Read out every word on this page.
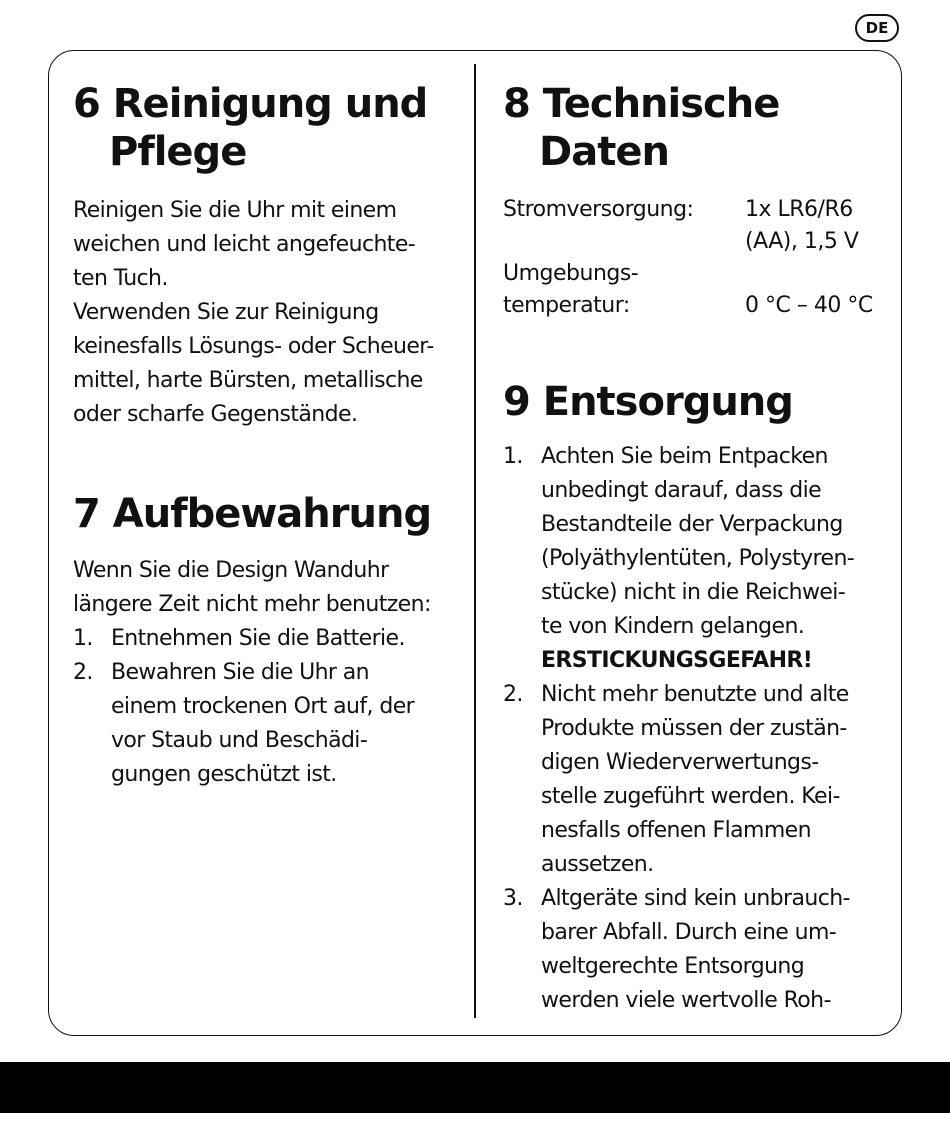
DE
6 Reinigung und
Pflege

Reinigen Sie die Uhr mit einem

weichen und leicht angefeuchte-

ten Tuch.

Verwenden Sie zur Reinigung

keinesfalls Lösungs- oder Scheuer-

mittel, harte Bürsten, metallische

oder scharfe Gegenstände.

7 Aufbewahrung

Wenn Sie die Design Wanduhr

längere Zeit nicht mehr benutzen:

1. Entnehmen Sie die Batterie.
2. Bewahren Sie die Uhr an
einem trockenen Ort auf, der
vor Staub und Beschädi-
gungen geschützt ist.
8 Technische
Daten
Stromversorgung:	1x LR6/R6
(AA), 1,5 V
Umgebungs-
temperatur:	0 °C – 40 °C
9 Entsorgung
1. Achten Sie beim Entpacken
unbedingt darauf, dass die
Bestandteile der Verpackung
(Polyäthylentüten, Polystyren-
stücke) nicht in die Reichwei-
te von Kindern gelangen.
ERSTICKUNGSGEFAHR!
2. Nicht mehr benutzte und alte
Produkte müssen der zustän-
digen Wiederverwertungs-
stelle zugeführt werden. Kei-
nesfalls offenen Flammen
aussetzen.
3. Altgeräte sind kein unbrauch-
barer Abfall. Durch eine um-
weltgerechte Entsorgung
werden viele wertvolle Roh-
